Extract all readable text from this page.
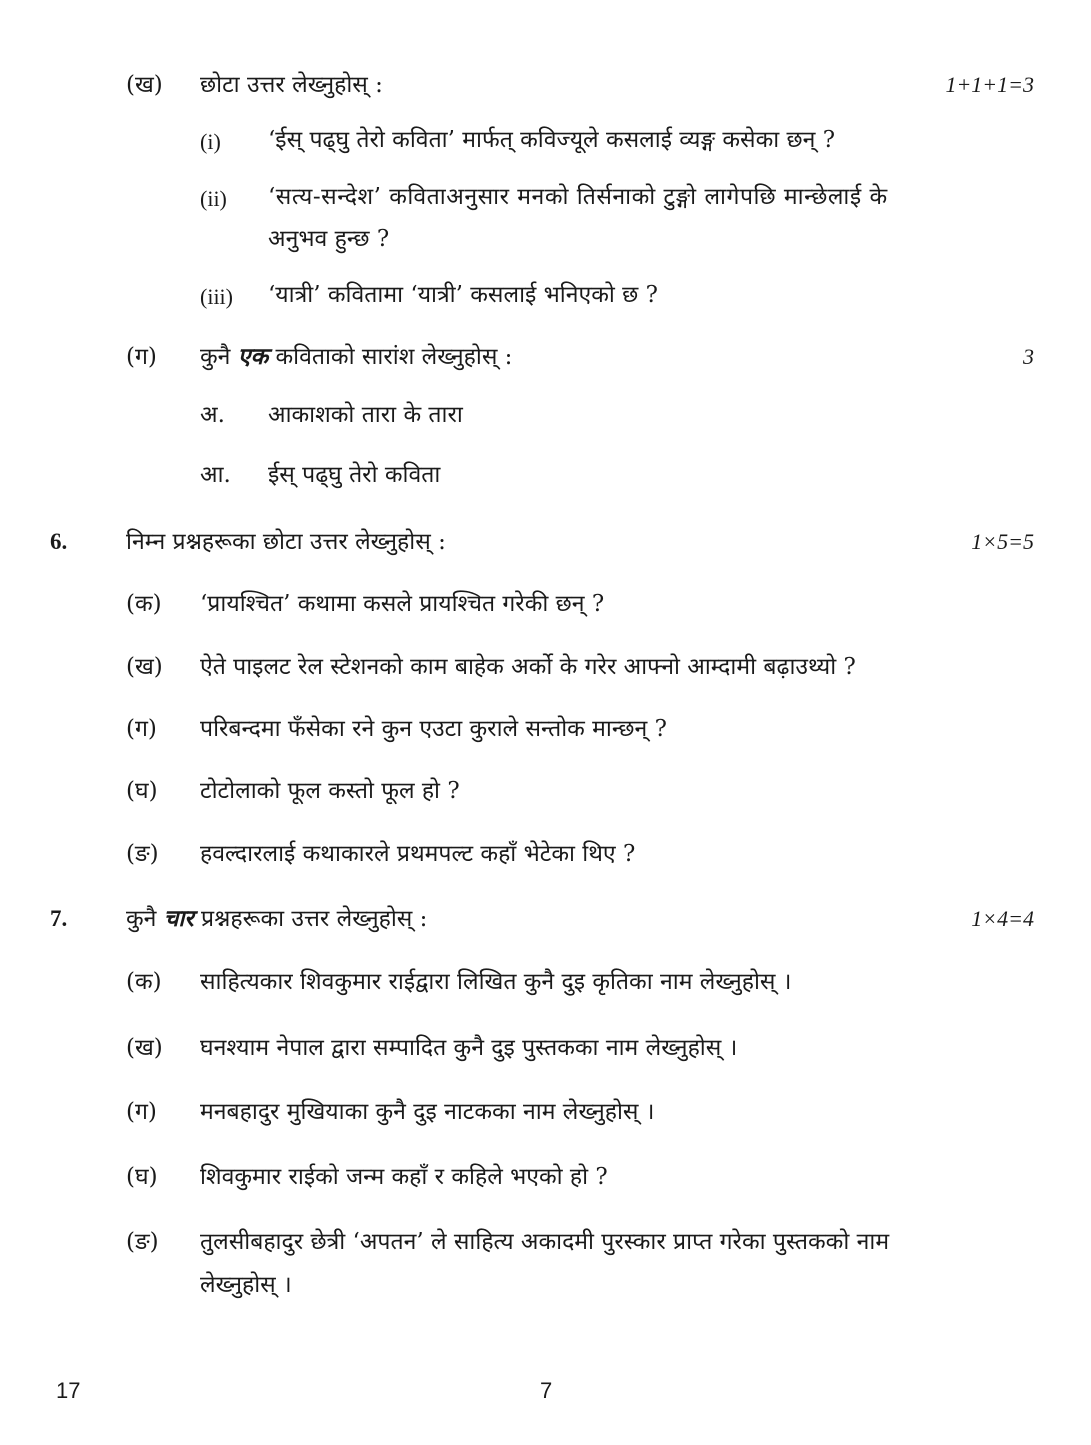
(ख) छोटा उत्तर लेख्नुहोस् :	1+1+1=3
(i) ‘ईस् पढ्घु तेरो कविता’ मार्फत् कविज्यूले कसलाई व्यङ्ग कसेका छन् ?
(ii) ‘सत्य-सन्देश’ कविताअनुसार मनको तिर्सनाको टुङ्गो लागेपछि मान्छेलाई के
अनुभव हुन्छ ?
(iii) ‘यात्री’ कवितामा ‘यात्री’ कसलाई भनिएको छ ?
(ग) कुनै एक कविताको सारांश लेख्नुहोस् :	3
अ. आकाशको तारा के तारा
आ. ईस् पढ्घु तेरो कविता
6.	निम्न प्रश्नहरूका छोटा उत्तर लेख्नुहोस् :	1×5=5
(क) ‘प्रायश्चित’ कथामा कसले प्रायश्चित गरेकी छन् ?
(ख) ऐते पाइलट रेल स्टेशनको काम बाहेक अर्को के गरेर आफ्नो आम्दामी बढ़ाउथ्यो ?
(ग) परिबन्दमा फँसेका रने कुन एउटा कुराले सन्तोक मान्छन् ?
(घ) टोटोलाको फूल कस्तो फूल हो ?
(ङ) हवल्दारलाई कथाकारले प्रथमपल्ट कहाँ भेटेका थिए ?
7.	कुनै चार प्रश्नहरूका उत्तर लेख्नुहोस् :	1×4=4
(क) साहित्यकार शिवकुमार राईद्वारा लिखित कुनै दुइ कृतिका नाम लेख्नुहोस् ।
(ख) घनश्याम नेपाल द्वारा सम्पादित कुनै दुइ पुस्तकका नाम लेख्नुहोस् ।
(ग) मनबहादुर मुखियाका कुनै दुइ नाटकका नाम लेख्नुहोस् ।
(घ) शिवकुमार राईको जन्म कहाँ र कहिले भएको हो ?
(ङ) तुलसीबहादुर छेत्री ‘अपतन’ ले साहित्य अकादमी पुरस्कार प्राप्त गरेका पुस्तकको नाम
लेख्नुहोस् ।
17	7
